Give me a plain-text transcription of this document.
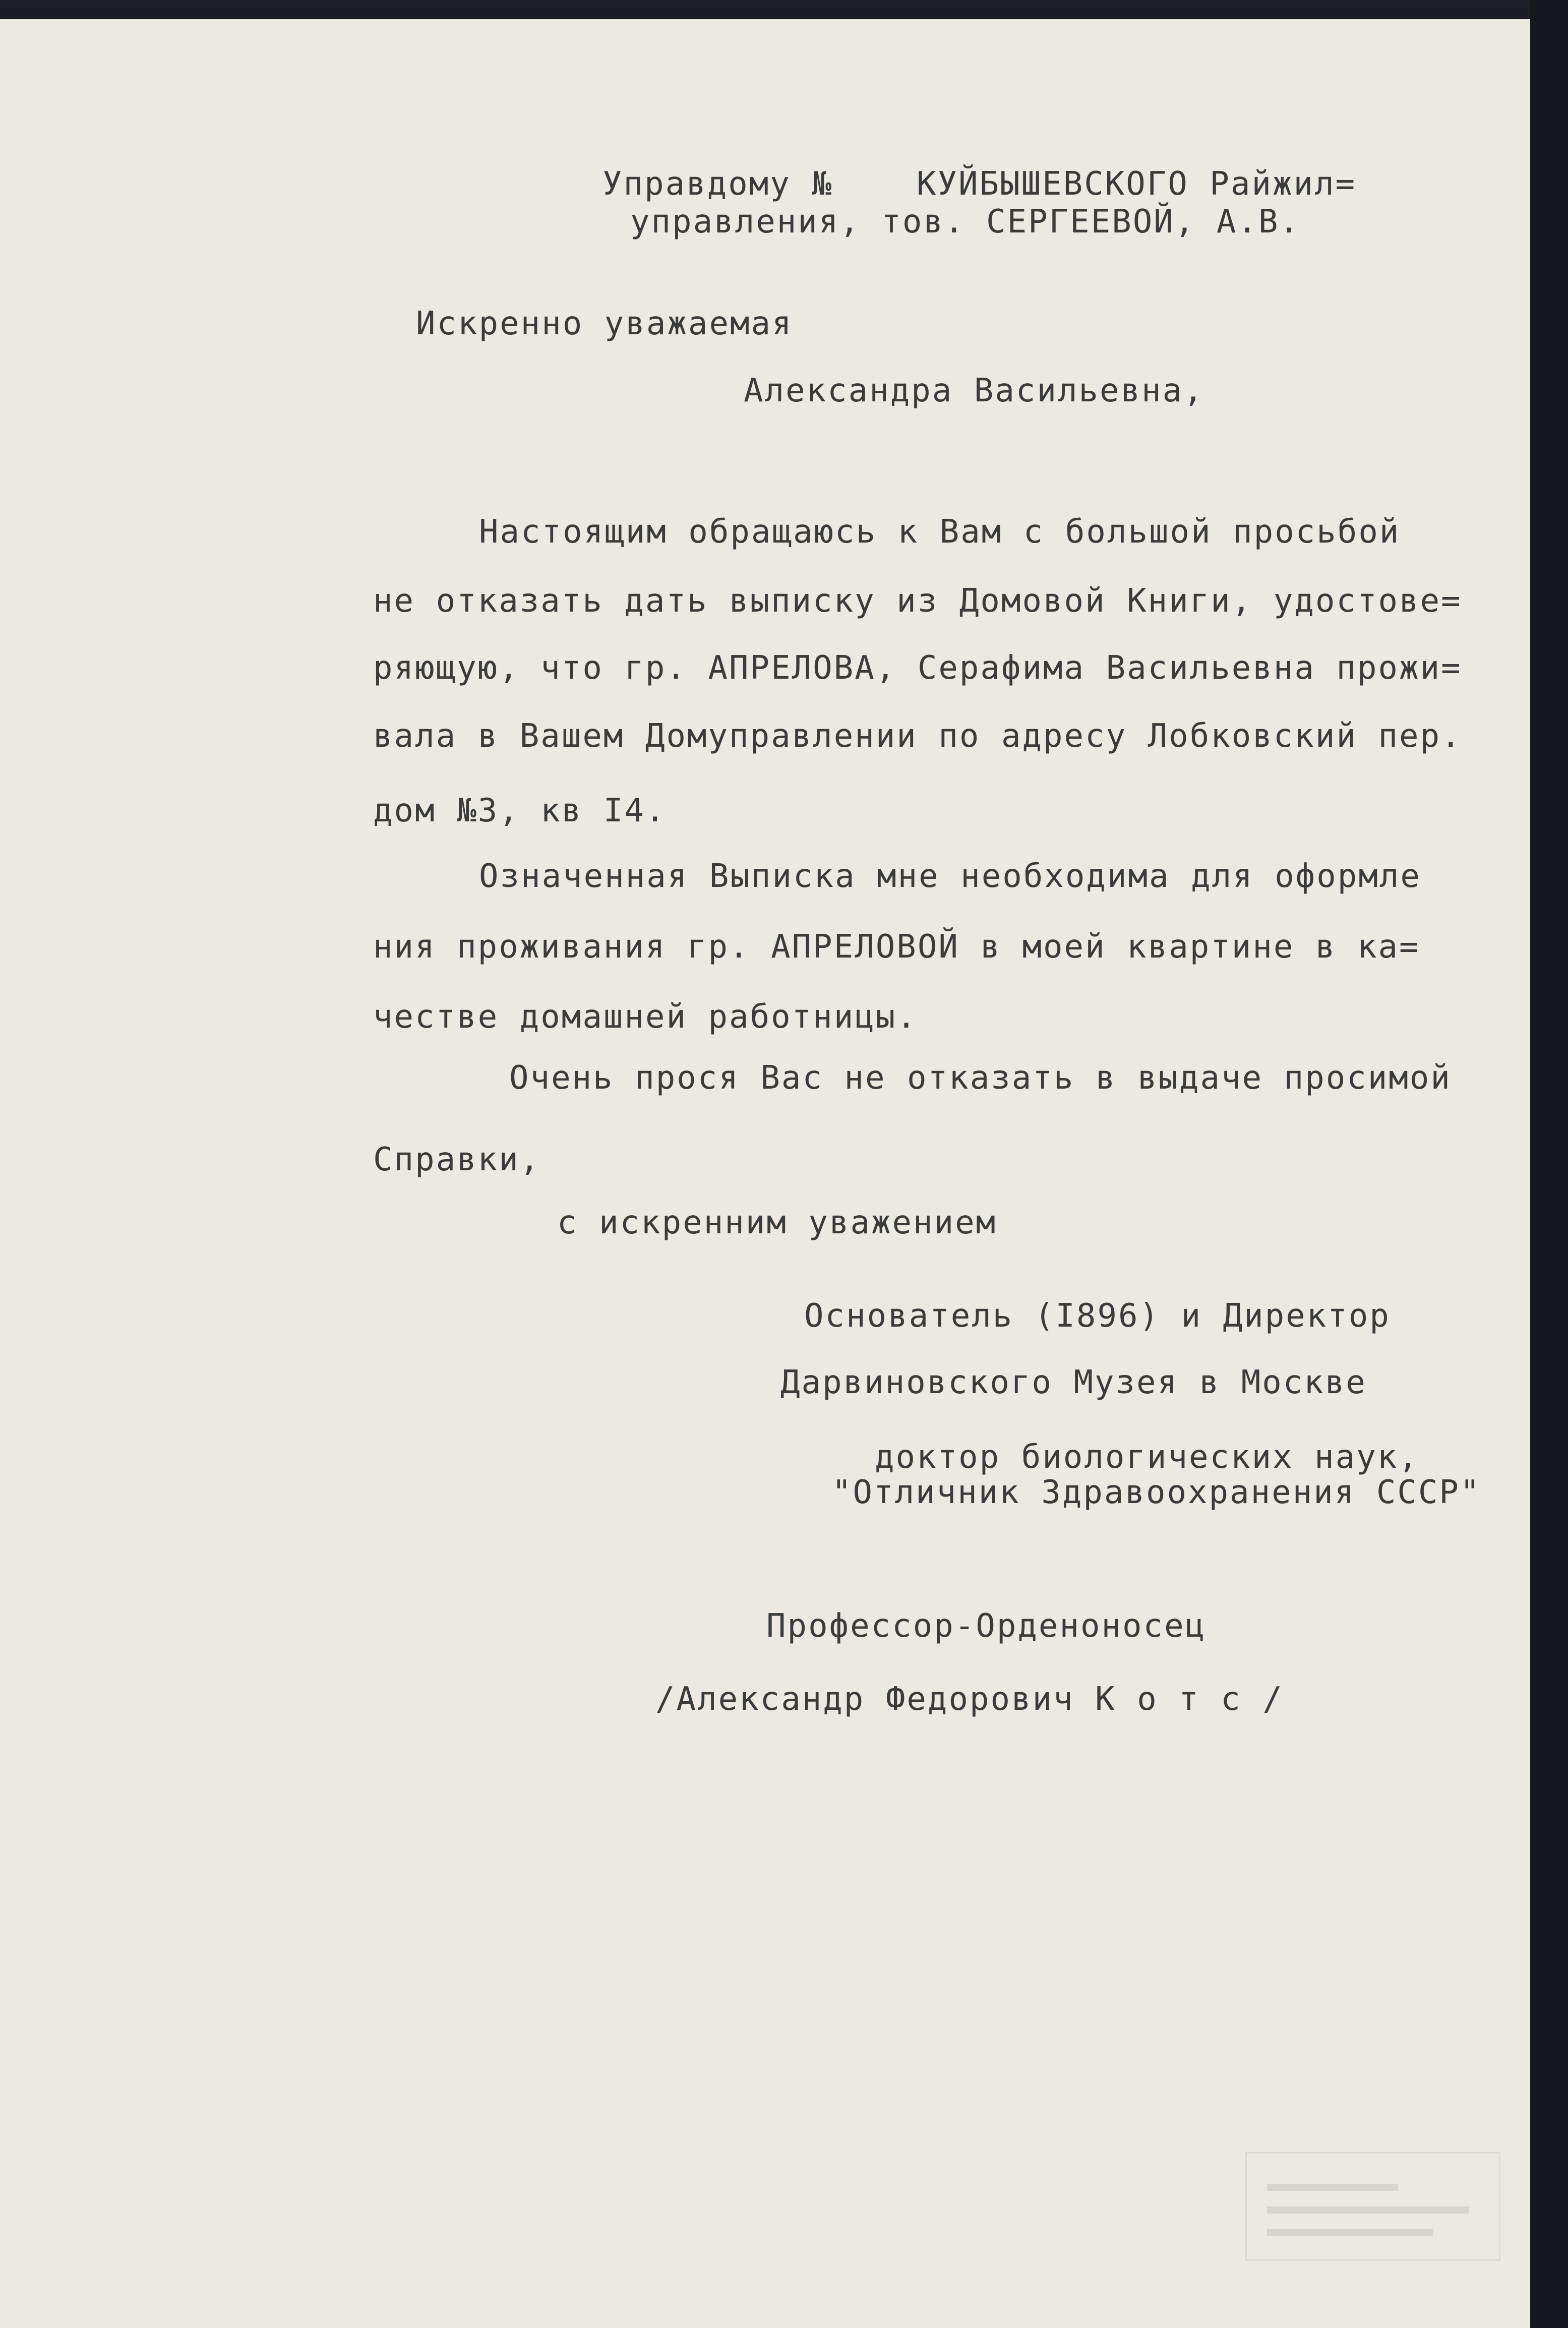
Управдому №    КУЙБЫШЕВСКОГО Райжил=
управления, тов. СЕРГЕЕВОЙ, А.В.
Искренно уважаемая
Александра Васильевна,
Настоящим обращаюсь к Вам с большой просьбой
не отказать дать выписку из Домовой Книги, удостове=
ряющую, что гр. АПРЕЛОВА, Серафима Васильевна прожи=
вала в Вашем Домуправлении по адресу Лобковский пер.
дом №3, кв I4.
Означенная Выписка мне необходима для оформле
ния проживания гр. АПРЕЛОВОЙ в моей квартине в ка=
честве домашней работницы.
Очень прося Вас не отказать в выдаче просимой
Справки,
с искренним уважением
Основатель (I896) и Директор
Дарвиновского Музея в Москве
доктор биологических наук,
"Отличник Здравоохранения СССР"
Профессор-Орденоносец
/Александр Федорович К о т с /
